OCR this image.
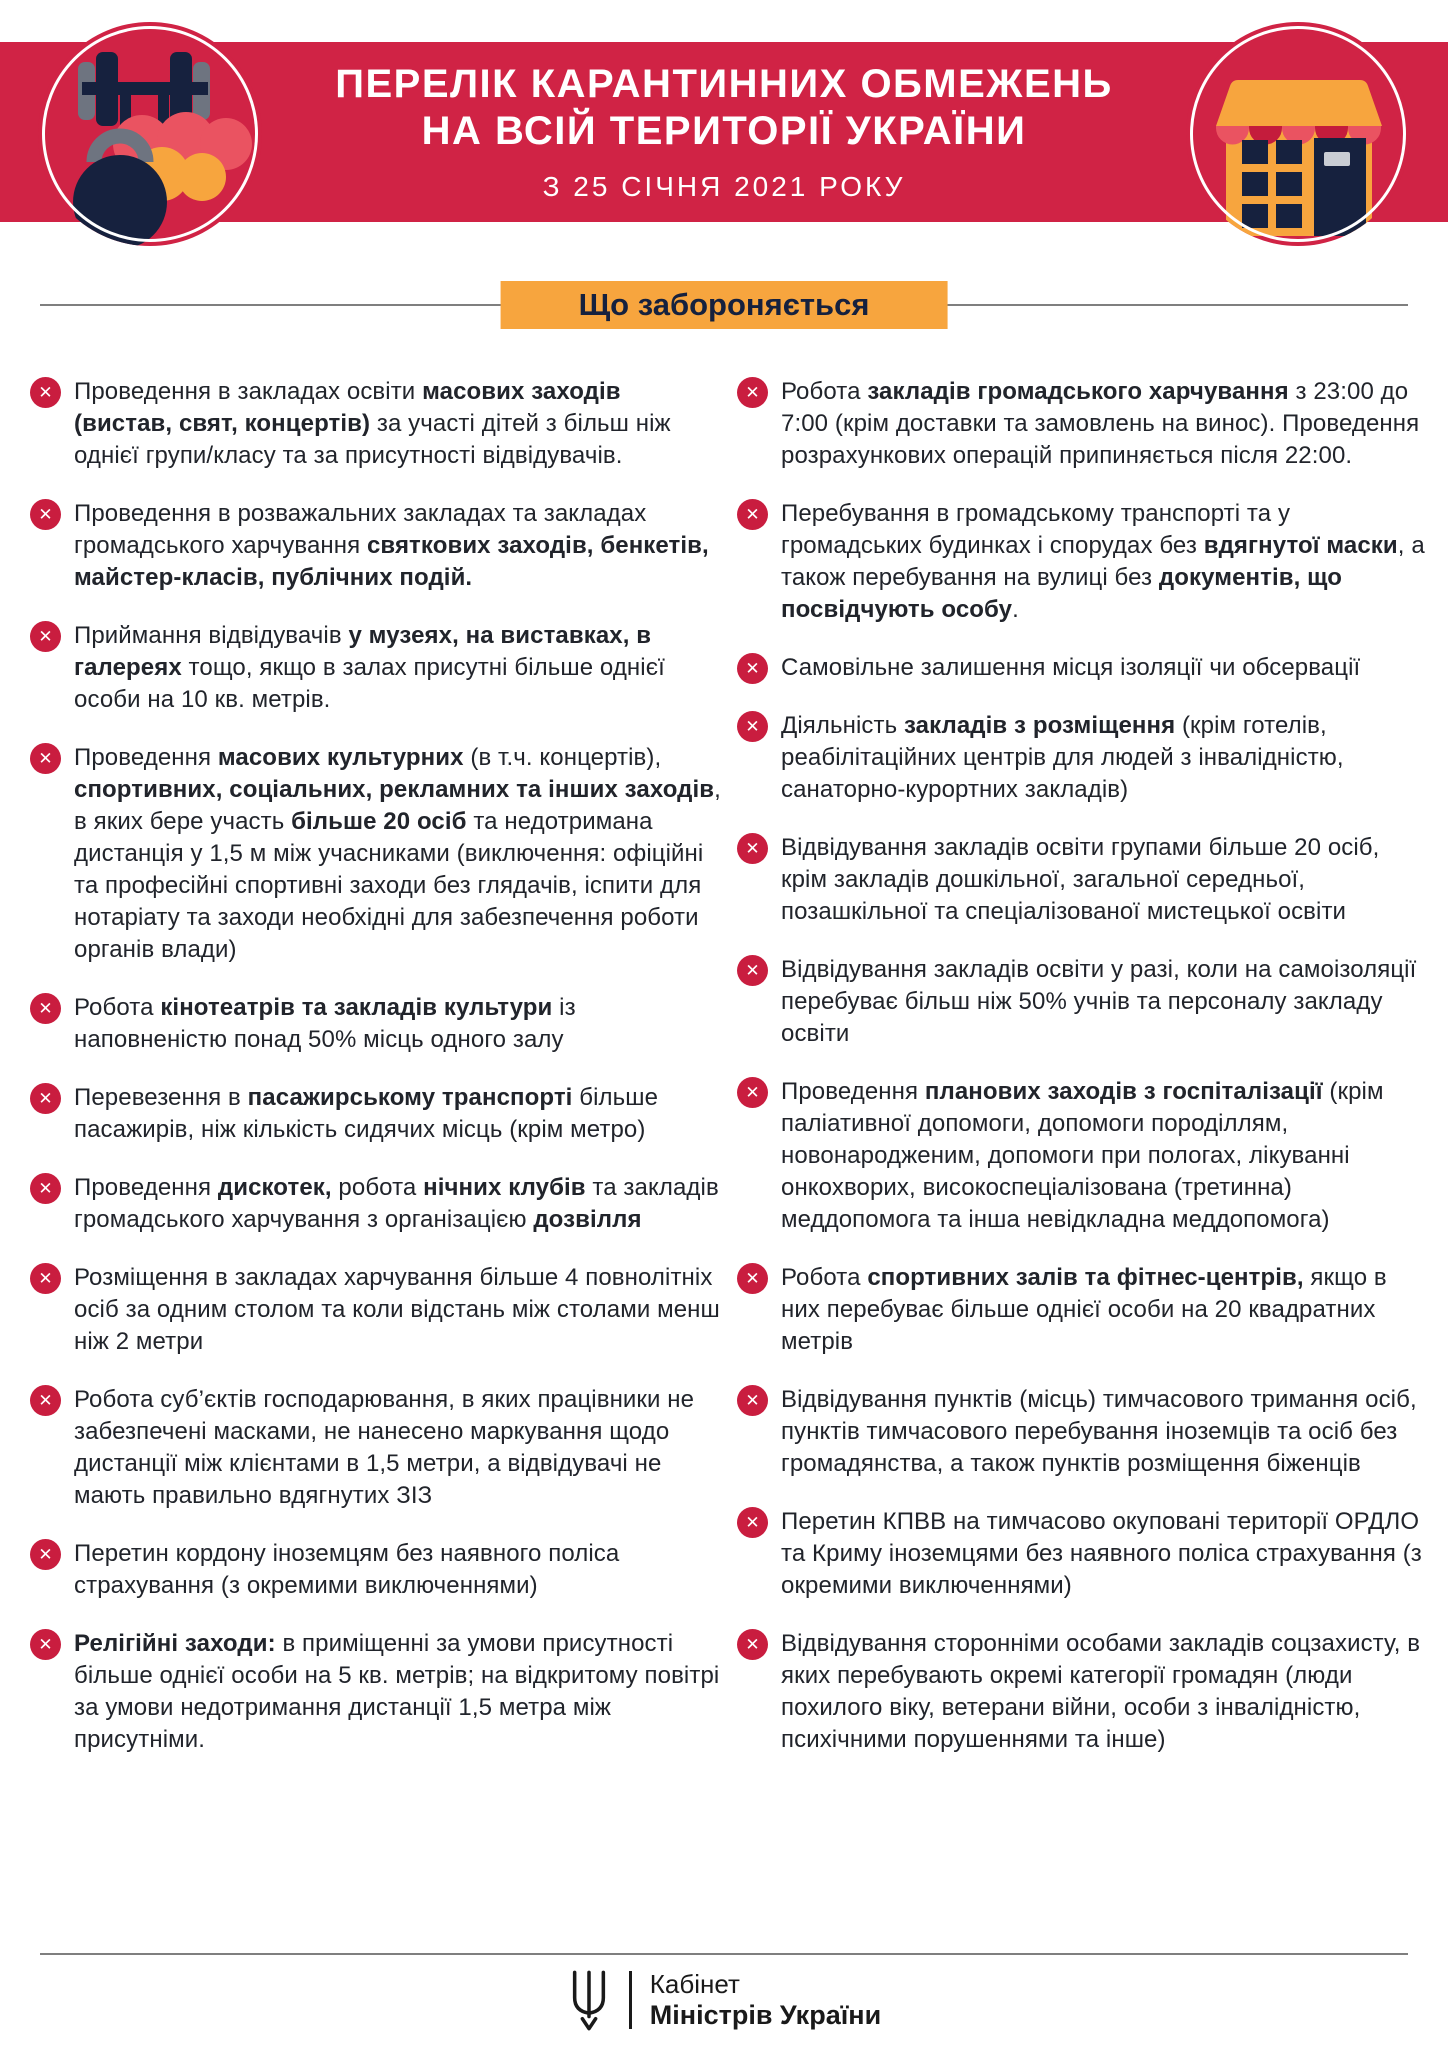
ПЕРЕЛІК КАРАНТИННИХ ОБМЕЖЕНЬ
НА ВСІЙ ТЕРИТОРІЇ УКРАЇНИ
З 25 СІЧНЯ 2021 РОКУ
Що забороняється
✕ Проведення в закладах освіти масових заходів (вистав, свят, концертів) за участі дітей з більш ніж однієї групи/класу та за присутності відвідувачів.

✕ Проведення в розважальних закладах та закладах громадського харчування святкових заходів, бенкетів, майстер-класів, публічних подій.

✕ Приймання відвідувачів у музеях, на виставках, в галереях тощо, якщо в залах присутні більше однієї особи на 10 кв. метрів.

✕ Проведення масових культурних (в т.ч. концертів), спортивних, соціальних, рекламних та інших заходів, в яких бере участь більше 20 осіб та недотримана дистанція у 1,5 м між учасниками (виключення: офіційні та професійні спортивні заходи без глядачів, іспити для нотаріату та заходи необхідні для забезпечення роботи органів влади)

✕ Робота кінотеатрів та закладів культури із наповненістю понад 50% місць одного залу

✕ Перевезення в пасажирському транспорті більше пасажирів, ніж кількість сидячих місць (крім метро)

✕ Проведення дискотек, робота нічних клубів та закладів громадського харчування з організацією дозвілля

✕ Розміщення в закладах харчування більше 4 повнолітніх осіб за одним столом та коли відстань між столами менш ніж 2 метри

✕ Робота суб’єктів господарювання, в яких працівники не забезпечені масками, не нанесено маркування щодо дистанції між клієнтами в 1,5 метри, а відвідувачі не мають правильно вдягнутих ЗІЗ

✕ Перетин кордону іноземцям без наявного поліса страхування (з окремими виключеннями)

✕ Релігійні заходи: в приміщенні за умови присутності більше однієї особи на 5 кв. метрів; на відкритому повітрі за умови недотримання дистанції 1,5 метра між присутніми.

✕ Робота закладів громадського харчування з 23:00 до 7:00 (крім доставки та замовлень на винос). Проведення розрахункових операцій припиняється після 22:00.

✕ Перебування в громадському транспорті та у громадських будинках і спорудах без вдягнутої маски, а також перебування на вулиці без документів, що посвідчують особу.

✕ Самовільне залишення місця ізоляції чи обсервації

✕ Діяльність закладів з розміщення (крім готелів, реабілітаційних центрів для людей з інвалідністю, санаторно-курортних закладів)

✕ Відвідування закладів освіти групами більше 20 осіб, крім закладів дошкільної, загальної середньої, позашкільної та спеціалізованої мистецької освіти

✕ Відвідування закладів освіти у разі, коли на самоізоляції перебуває більш ніж 50% учнів та персоналу закладу освіти

✕ Проведення планових заходів з госпіталізації (крім паліативної допомоги, допомоги породіллям, новонародженим, допомоги при пологах, лікуванні онкохворих, високоспеціалізована (третинна) меддопомога та інша невідкладна меддопомога)

✕ Робота спортивних залів та фітнес-центрів, якщо в них перебуває більше однієї особи на 20 квадратних метрів

✕ Відвідування пунктів (місць) тимчасового тримання осіб, пунктів тимчасового перебування іноземців та осіб без громадянства, а також пунктів розміщення біженців

✕ Перетин КПВВ на тимчасово окуповані території ОРДЛО та Криму іноземцями без наявного поліса страхування (з окремими виключеннями)

✕ Відвідування сторонніми особами закладів соцзахисту, в яких перебувають окремі категорії громадян (люди похилого віку, ветерани війни, особи з інвалідністю, психічними порушеннями та інше)

Кабінет
Міністрів України
